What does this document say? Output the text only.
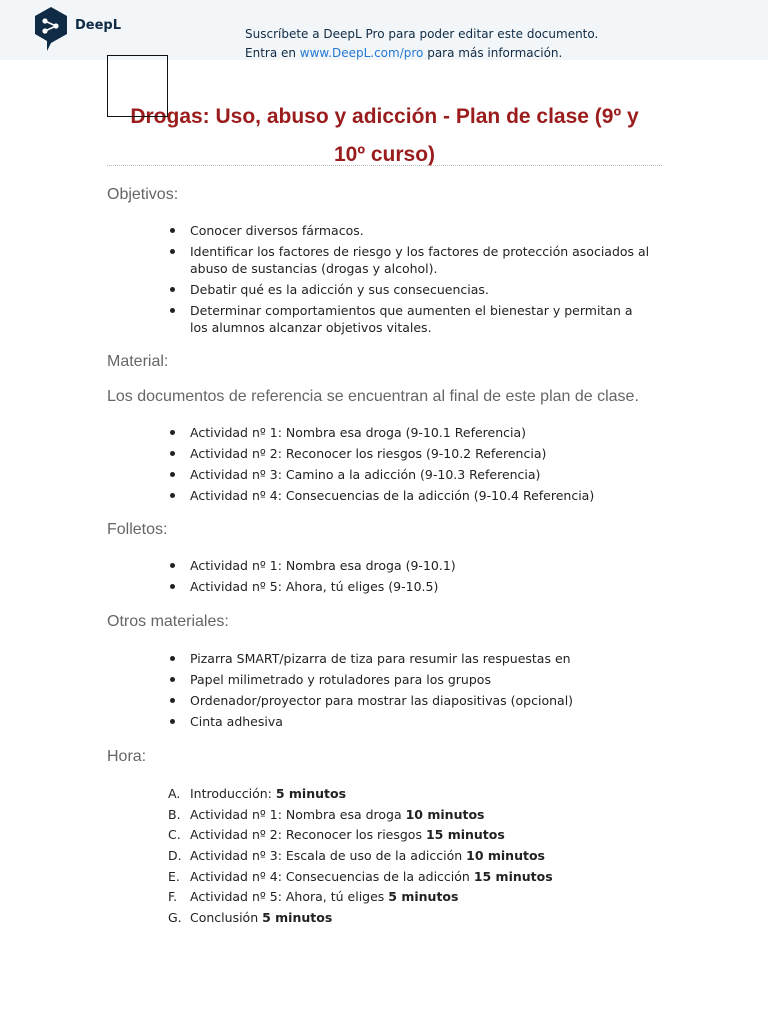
DeepL
Suscríbete a DeepL Pro para poder editar este documento.
Entra en www.DeepL.com/pro para más información.
Drogas: Uso, abuso y adicción - Plan de clase (9º y
10º curso)
Objetivos:
Conocer diversos fármacos.
Identificar los factores de riesgo y los factores de protección asociados al abuso de sustancias (drogas y alcohol).
Debatir qué es la adicción y sus consecuencias.
Determinar comportamientos que aumenten el bienestar y permitan a los alumnos alcanzar objetivos vitales.
Material:
Los documentos de referencia se encuentran al final de este plan de clase.
Actividad nº 1: Nombra esa droga (9-10.1 Referencia)
Actividad nº 2: Reconocer los riesgos (9-10.2 Referencia)
Actividad nº 3: Camino a la adicción (9-10.3 Referencia)
Actividad nº 4: Consecuencias de la adicción (9-10.4 Referencia)
Folletos:
Actividad nº 1: Nombra esa droga (9-10.1)
Actividad nº 5: Ahora, tú eliges (9-10.5)
Otros materiales:
Pizarra SMART/pizarra de tiza para resumir las respuestas en
Papel milimetrado y rotuladores para los grupos
Ordenador/proyector para mostrar las diapositivas (opcional)
Cinta adhesiva
Hora:
A. Introducción: 5 minutos
B. Actividad nº 1: Nombra esa droga 10 minutos
C. Actividad nº 2: Reconocer los riesgos 15 minutos
D. Actividad nº 3: Escala de uso de la adicción 10 minutos
E. Actividad nº 4: Consecuencias de la adicción 15 minutos
F. Actividad nº 5: Ahora, tú eliges 5 minutos
G. Conclusión 5 minutos
